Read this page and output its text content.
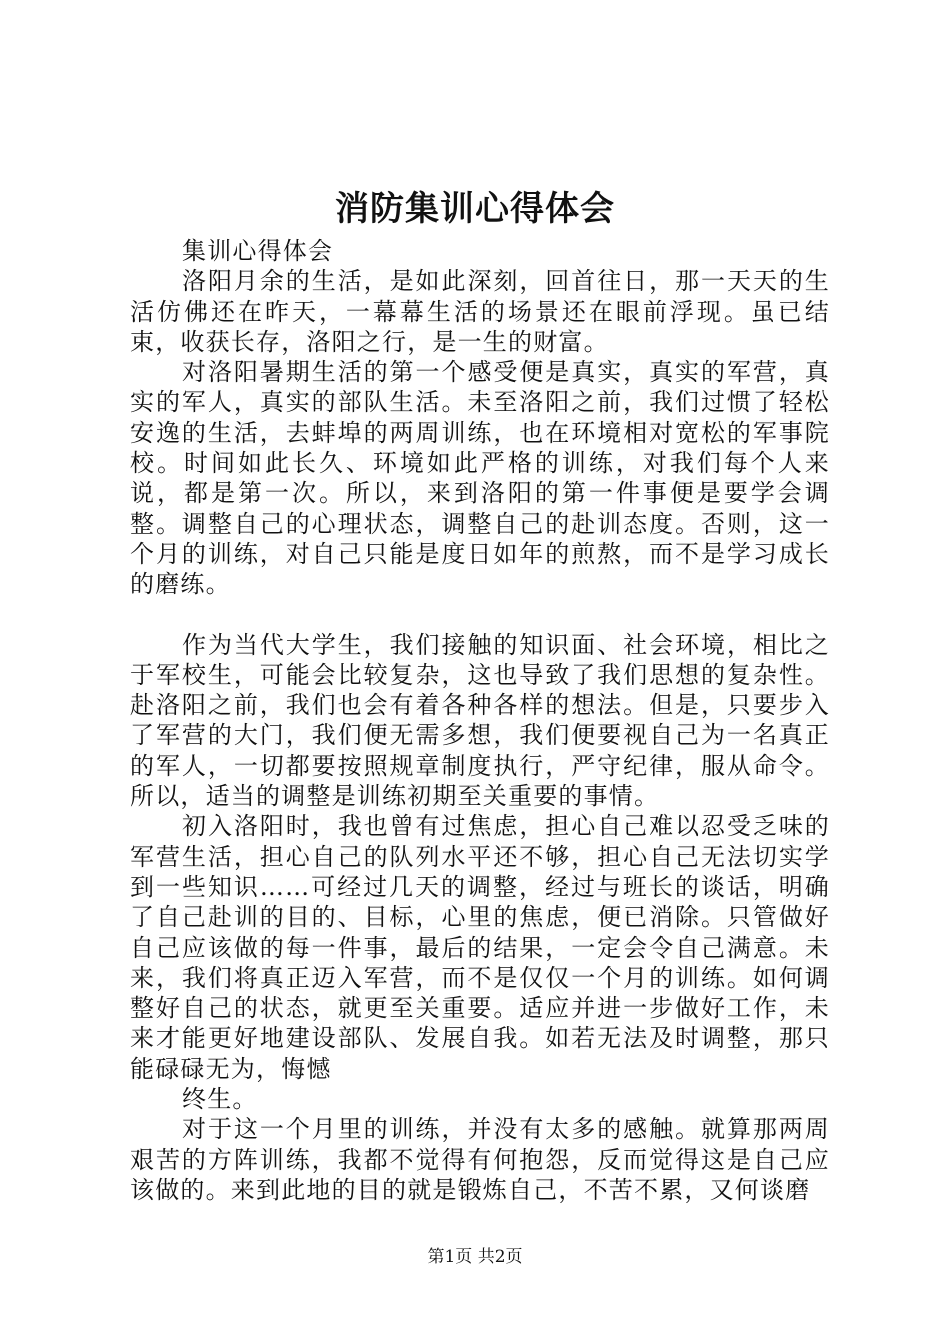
消防集训心得体会

集训心得体会

洛阳月余的生活，是如此深刻，回首往日，那一天天的生活仿佛还在昨天，一幕幕生活的场景还在眼前浮现。虽已结束，收获长存，洛阳之行，是一生的财富。

对洛阳暑期生活的第一个感受便是真实，真实的军营，真实的军人，真实的部队生活。未至洛阳之前，我们过惯了轻松安逸的生活，去蚌埠的两周训练，也在环境相对宽松的军事院校。时间如此长久、环境如此严格的训练，对我们每个人来说，都是第一次。所以，来到洛阳的第一件事便是要学会调整。调整自己的心理状态，调整自己的赴训态度。否则，这一个月的训练，对自己只能是度日如年的煎熬，而不是学习成长的磨练。

作为当代大学生，我们接触的知识面、社会环境，相比之于军校生，可能会比较复杂，这也导致了我们思想的复杂性。赴洛阳之前，我们也会有着各种各样的想法。但是，只要步入了军营的大门，我们便无需多想，我们便要视自己为一名真正的军人，一切都要按照规章制度执行，严守纪律，服从命令。所以，适当的调整是训练初期至关重要的事情。

初入洛阳时，我也曾有过焦虑，担心自己难以忍受乏味的军营生活，担心自己的队列水平还不够，担心自己无法切实学到一些知识……可经过几天的调整，经过与班长的谈话，明确了自己赴训的目的、目标，心里的焦虑，便已消除。只管做好自己应该做的每一件事，最后的结果，一定会令自己满意。未来，我们将真正迈入军营，而不是仅仅一个月的训练。如何调整好自己的状态，就更至关重要。适应并进一步做好工作，未来才能更好地建设部队、发展自我。如若无法及时调整，那只能碌碌无为，悔憾

终生。

对于这一个月里的训练，并没有太多的感触。就算那两周艰苦的方阵训练，我都不觉得有何抱怨，反而觉得这是自己应该做的。来到此地的目的就是锻炼自己，不苦不累，又何谈磨

第1页 共2页
